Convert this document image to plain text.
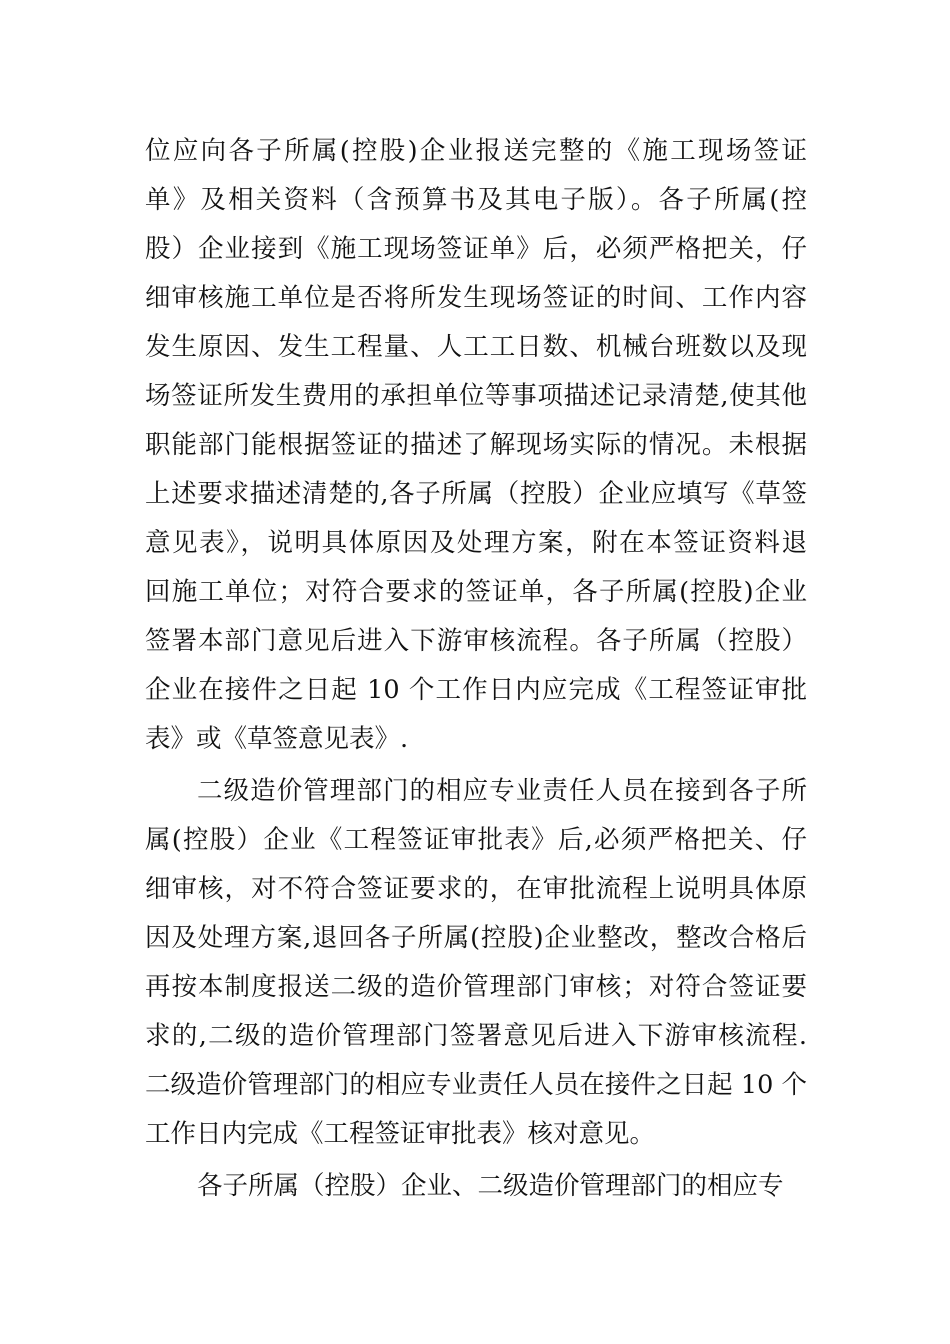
位应向各子所属(控股)企业报送完整的《施工现场签证

单》及相关资料（含预算书及其电子版）。各子所属(控

股）企业接到《施工现场签证单》后，必须严格把关，仔

细审核施工单位是否将所发生现场签证的时间、工作内容

发生原因、发生工程量、人工工日数、机械台班数以及现

场签证所发生费用的承担单位等事项描述记录清楚,使其他

职能部门能根据签证的描述了解现场实际的情况。未根据

上述要求描述清楚的,各子所属（控股）企业应填写《草签

意见表》，说明具体原因及处理方案，附在本签证资料退

回施工单位；对符合要求的签证单，各子所属(控股)企业

签署本部门意见后进入下游审核流程。各子所属（控股）

企业在接件之日起 10 个工作日内应完成《工程签证审批

表》或《草签意见表》.

二级造价管理部门的相应专业责任人员在接到各子所

属(控股）企业《工程签证审批表》后,必须严格把关、仔

细审核，对不符合签证要求的，在审批流程上说明具体原

因及处理方案,退回各子所属(控股)企业整改，整改合格后

再按本制度报送二级的造价管理部门审核；对符合签证要

求的,二级的造价管理部门签署意见后进入下游审核流程.

二级造价管理部门的相应专业责任人员在接件之日起 10 个

工作日内完成《工程签证审批表》核对意见。

各子所属（控股）企业、二级造价管理部门的相应专
